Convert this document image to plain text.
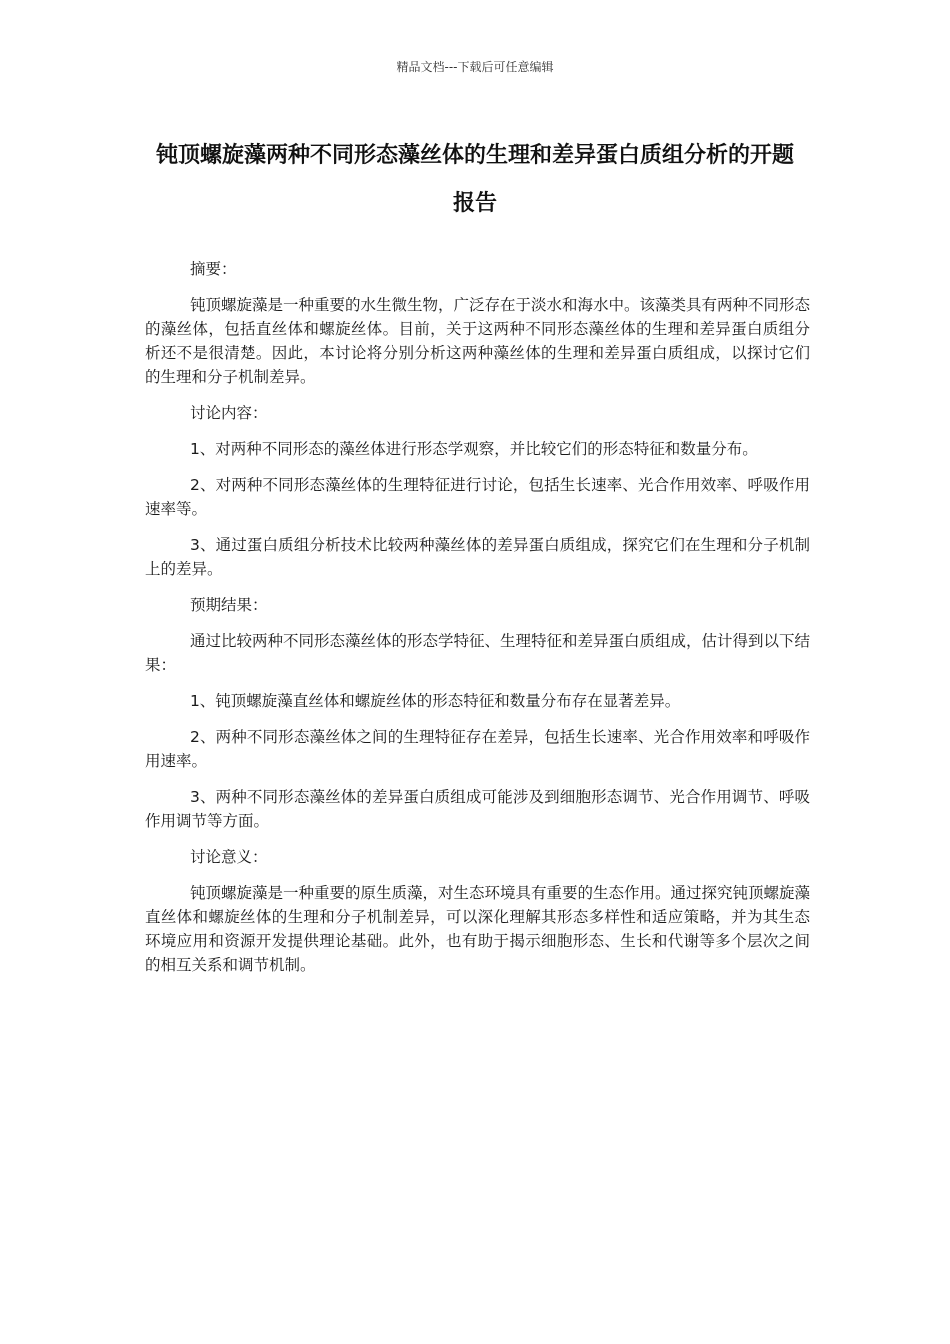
精品文档---下载后可任意编辑
钝顶螺旋藻两种不同形态藻丝体的生理和差异蛋白质组分析的开题报告

摘要：

钝顶螺旋藻是一种重要的水生微生物，广泛存在于淡水和海水中。该藻类具有两种不同形态的藻丝体，包括直丝体和螺旋丝体。目前，关于这两种不同形态藻丝体的生理和差异蛋白质组分析还不是很清楚。因此，本讨论将分别分析这两种藻丝体的生理和差异蛋白质组成，以探讨它们的生理和分子机制差异。

讨论内容：

1、对两种不同形态的藻丝体进行形态学观察，并比较它们的形态特征和数量分布。

2、对两种不同形态藻丝体的生理特征进行讨论，包括生长速率、光合作用效率、呼吸作用速率等。

3、通过蛋白质组分析技术比较两种藻丝体的差异蛋白质组成，探究它们在生理和分子机制上的差异。

预期结果：

通过比较两种不同形态藻丝体的形态学特征、生理特征和差异蛋白质组成，估计得到以下结果：

1、钝顶螺旋藻直丝体和螺旋丝体的形态特征和数量分布存在显著差异。

2、两种不同形态藻丝体之间的生理特征存在差异，包括生长速率、光合作用效率和呼吸作用速率。

3、两种不同形态藻丝体的差异蛋白质组成可能涉及到细胞形态调节、光合作用调节、呼吸作用调节等方面。

讨论意义：

钝顶螺旋藻是一种重要的原生质藻，对生态环境具有重要的生态作用。通过探究钝顶螺旋藻直丝体和螺旋丝体的生理和分子机制差异，可以深化理解其形态多样性和适应策略，并为其生态环境应用和资源开发提供理论基础。此外，也有助于揭示细胞形态、生长和代谢等多个层次之间的相互关系和调节机制。
